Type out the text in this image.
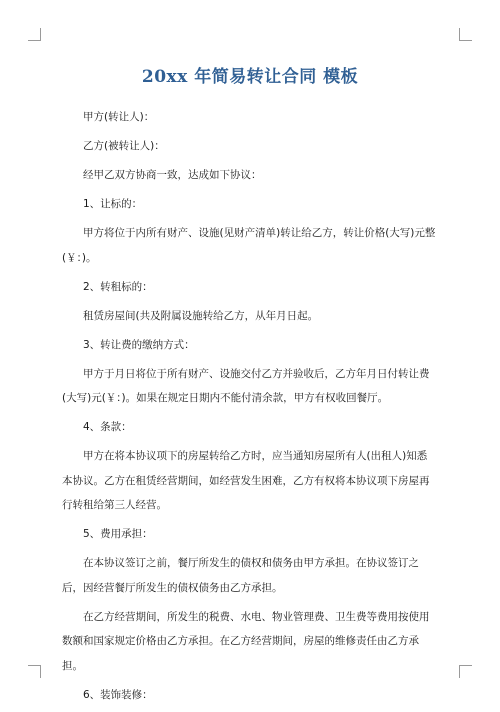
20xx 年简易转让合同 模板

甲方(转让人)：

乙方(被转让人)：

经甲乙双方协商一致，达成如下协议：

1、让标的：

甲方将位于内所有财产、设施(见财产清单)转让给乙方，转让价格(大写)元整(￥：)。

2、转租标的：

租赁房屋间(共及附属设施转给乙方，从年月日起。

3、转让费的缴纳方式：

甲方于月日将位于所有财产、设施交付乙方并验收后，乙方年月日付转让费(大写)元(￥：)。如果在规定日期内不能付清余款，甲方有权收回餐厅。

4、条款：

甲方在将本协议项下的房屋转给乙方时，应当通知房屋所有人(出租人)知悉本协议。乙方在租赁经营期间，如经营发生困难，乙方有权将本协议项下房屋再行转租给第三人经营。

5、费用承担：

在本协议签订之前，餐厅所发生的债权和债务由甲方承担。在协议签订之后，因经营餐厅所发生的债权债务由乙方承担。

在乙方经营期间，所发生的税费、水电、物业管理费、卫生费等费用按使用数额和国家规定价格由乙方承担。在乙方经营期间，房屋的维修责任由乙方承担。

6、装饰装修：
